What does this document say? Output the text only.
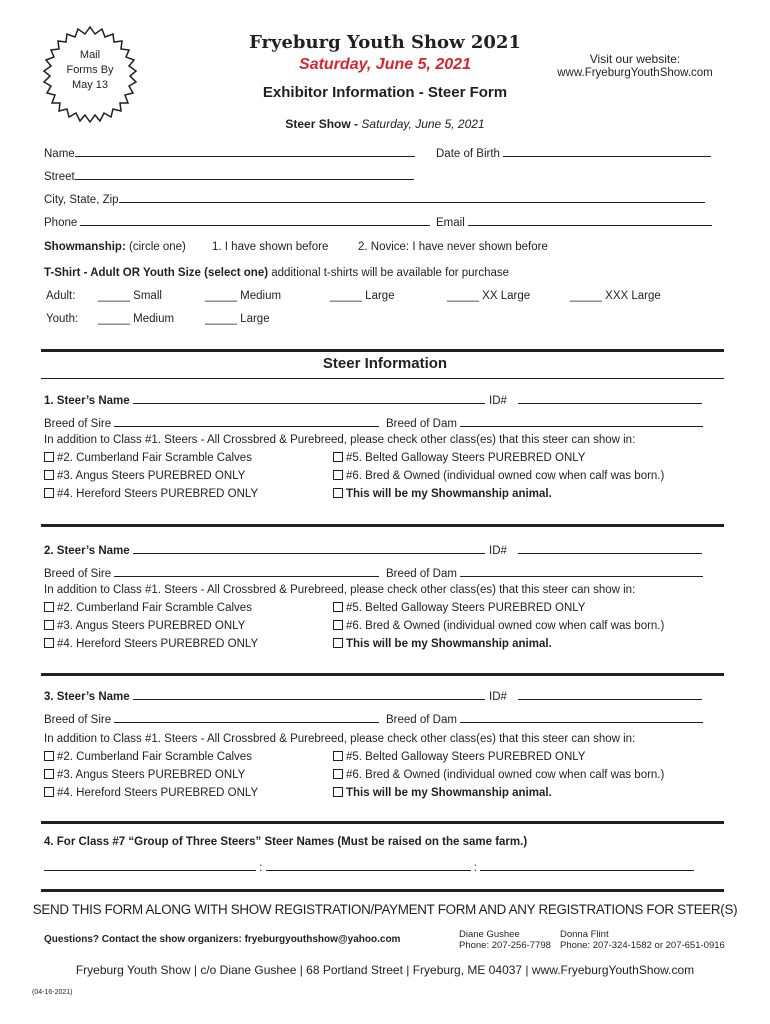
Mail
Forms By
May 13
Fryeburg Youth Show 2021
Saturday, June 5, 2021
Exhibitor Information - Steer Form
Visit our website:
www.FryeburgYouthShow.com
Steer Show - Saturday, June 5, 2021
Name	Date of Birth
Street
City, State, Zip
Phone	Email
Showmanship: (circle one) 1. I have shown before	2. Novice: I have never shown before
T-Shirt - Adult OR Youth Size (select one) additional t-shirts will be available for purchase
Adult: _____ Small	_____ Medium	_____ Large	_____ XX Large	_____ XXX Large
Youth: _____ Medium	_____ Large
Steer Information
1. Steer’s Name	ID#
Breed of Sire	Breed of Dam
In addition to Class #1. Steers - All Crossbred & Purebreed, please check other class(es) that this steer can show in:
#2. Cumberland Fair Scramble Calves
#3. Angus Steers PUREBRED ONLY
#4. Hereford Steers PUREBRED ONLY
#5. Belted Galloway Steers PUREBRED ONLY
#6. Bred & Owned (individual owned cow when calf was born.)
This will be my Showmanship animal.
2. Steer’s Name	ID#
Breed of Sire	Breed of Dam
In addition to Class #1. Steers - All Crossbred & Purebreed, please check other class(es) that this steer can show in:
#2. Cumberland Fair Scramble Calves
#3. Angus Steers PUREBRED ONLY
#4. Hereford Steers PUREBRED ONLY
#5. Belted Galloway Steers PUREBRED ONLY
#6. Bred & Owned (individual owned cow when calf was born.)
This will be my Showmanship animal.
3. Steer’s Name	ID#
Breed of Sire	Breed of Dam
In addition to Class #1. Steers - All Crossbred & Purebreed, please check other class(es) that this steer can show in:
#2. Cumberland Fair Scramble Calves
#3. Angus Steers PUREBRED ONLY
#4. Hereford Steers PUREBRED ONLY
#5. Belted Galloway Steers PUREBRED ONLY
#6. Bred & Owned (individual owned cow when calf was born.)
This will be my Showmanship animal.
4. For Class #7 “Group of Three Steers” Steer Names (Must be raised on the same farm.)
:	:
SEND THIS FORM ALONG WITH SHOW REGISTRATION/PAYMENT FORM AND ANY REGISTRATIONS FOR STEER(S)
Questions? Contact the show organizers: fryeburgyouthshow@yahoo.com	Diane Gushee
Phone: 207-256-7798
Donna Flint
Phone: 207-324-1582 or 207-651-0916
Fryeburg Youth Show | c/o Diane Gushee | 68 Portland Street | Fryeburg, ME 04037 | www.FryeburgYouthShow.com
(04-16-2021)
